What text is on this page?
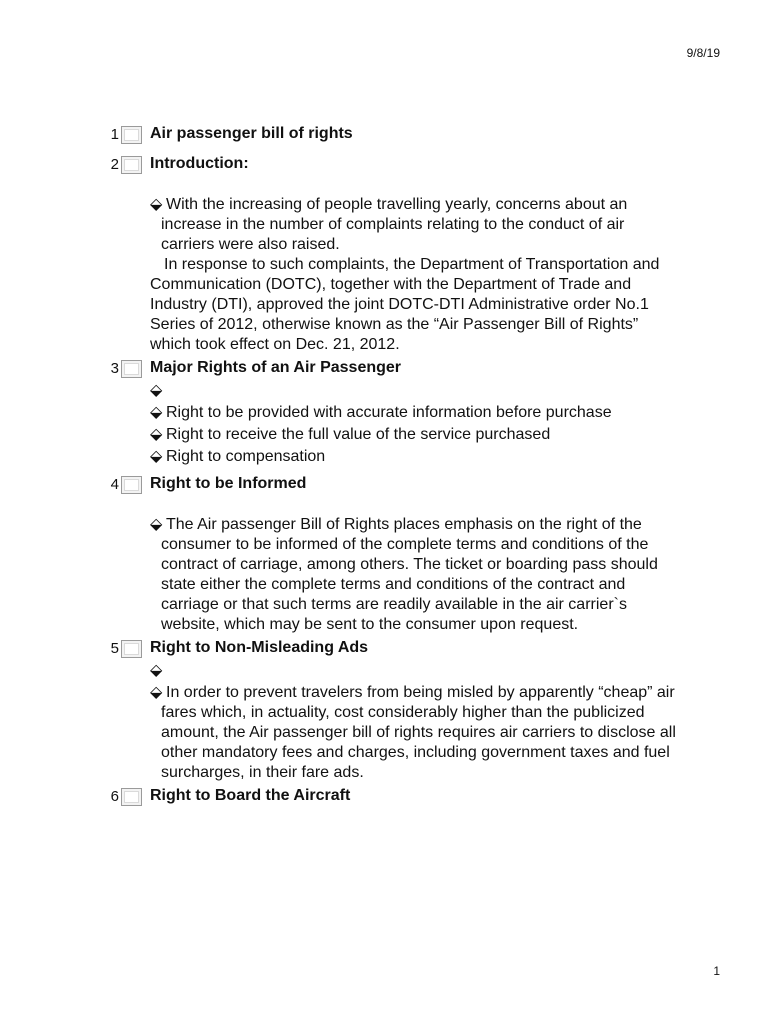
9/8/19
1 Air passenger bill of rights
2 Introduction:
⬙ With the increasing of people travelling yearly, concerns about an increase in the number of complaints relating to the conduct of air carriers were also raised.
In response to such complaints, the Department of Transportation and Communication (DOTC), together with the Department of Trade and Industry (DTI), approved the joint DOTC-DTI Administrative order No.1 Series of 2012, otherwise known as the “Air Passenger Bill of Rights” which took effect on Dec. 21, 2012.
3 Major Rights of an Air Passenger
⬙
⬙ Right to be provided with accurate information before purchase
⬙ Right to receive the full value of the service purchased
⬙ Right to compensation
4 Right to be Informed
⬙ The Air passenger Bill of Rights places emphasis on the right of the consumer to be informed of the complete terms and conditions of the contract of carriage, among others. The ticket or boarding pass should state either the complete terms and conditions of the contract and carriage or that such terms are readily available in the air carrier`s website, which may be sent to the consumer upon request.
5 Right to Non-Misleading Ads
⬙
⬙ In order to prevent travelers from being misled by apparently “cheap” air fares which, in actuality, cost considerably higher than the publicized amount, the Air passenger bill of rights requires air carriers to disclose all other mandatory fees and charges, including government taxes and fuel surcharges, in their fare ads.
6 Right to Board the Aircraft
1
